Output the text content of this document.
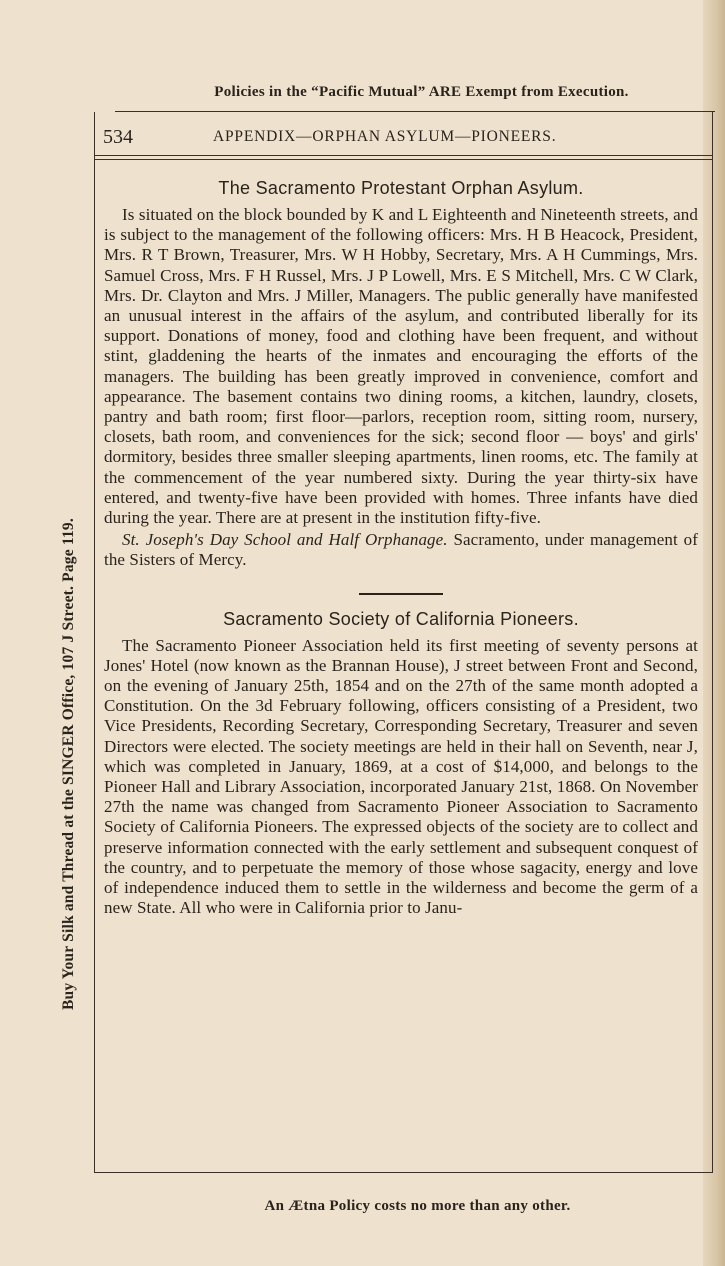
Policies in the “Pacific Mutual” ARE Exempt from Execution.
534	APPENDIX—ORPHAN ASYLUM—PIONEERS.
Buy Your Silk and Thread at the SINGER Office, 107 J Street. Page 119.
The Sacramento Protestant Orphan Asylum.

Is situated on the block bounded by K and L Eighteenth and Nineteenth streets, and is subject to the management of the following officers: Mrs. H B Heacock, President, Mrs. R T Brown, Treasurer, Mrs. W H Hobby, Secretary, Mrs. A H Cummings, Mrs. Samuel Cross, Mrs. F H Russel, Mrs. J P Lowell, Mrs. E S Mitchell, Mrs. C W Clark, Mrs. Dr. Clayton and Mrs. J Miller, Managers. The public generally have manifested an unusual interest in the affairs of the asylum, and contributed liberally for its support. Donations of money, food and clothing have been frequent, and without stint, gladdening the hearts of the inmates and encouraging the efforts of the managers. The building has been greatly improved in convenience, comfort and appearance. The basement contains two dining rooms, a kitchen, laundry, closets, pantry and bath room; first floor—parlors, reception room, sitting room, nursery, closets, bath room, and conveniences for the sick; second floor — boys' and girls' dormitory, besides three smaller sleeping apartments, linen rooms, etc. The family at the commencement of the year numbered sixty. During the year thirty-six have entered, and twenty-five have been provided with homes. Three infants have died during the year. There are at present in the institution fifty-five.

St. Joseph's Day School and Half Orphanage. Sacramento, under management of the Sisters of Mercy.

Sacramento Society of California Pioneers.

The Sacramento Pioneer Association held its first meeting of seventy persons at Jones' Hotel (now known as the Brannan House), J street between Front and Second, on the evening of January 25th, 1854 and on the 27th of the same month adopted a Constitution. On the 3d February following, officers consisting of a President, two Vice Presidents, Recording Secretary, Corresponding Secretary, Treasurer and seven Directors were elected. The society meetings are held in their hall on Seventh, near J, which was completed in January, 1869, at a cost of $14,000, and belongs to the Pioneer Hall and Library Association, incorporated January 21st, 1868. On November 27th the name was changed from Sacramento Pioneer Association to Sacramento Society of California Pioneers. The expressed objects of the society are to collect and preserve information connected with the early settlement and subsequent conquest of the country, and to perpetuate the memory of those whose sagacity, energy and love of independence induced them to settle in the wilderness and become the germ of a new State. All who were in California prior to Janu-

An Ætna Policy costs no more than any other.
